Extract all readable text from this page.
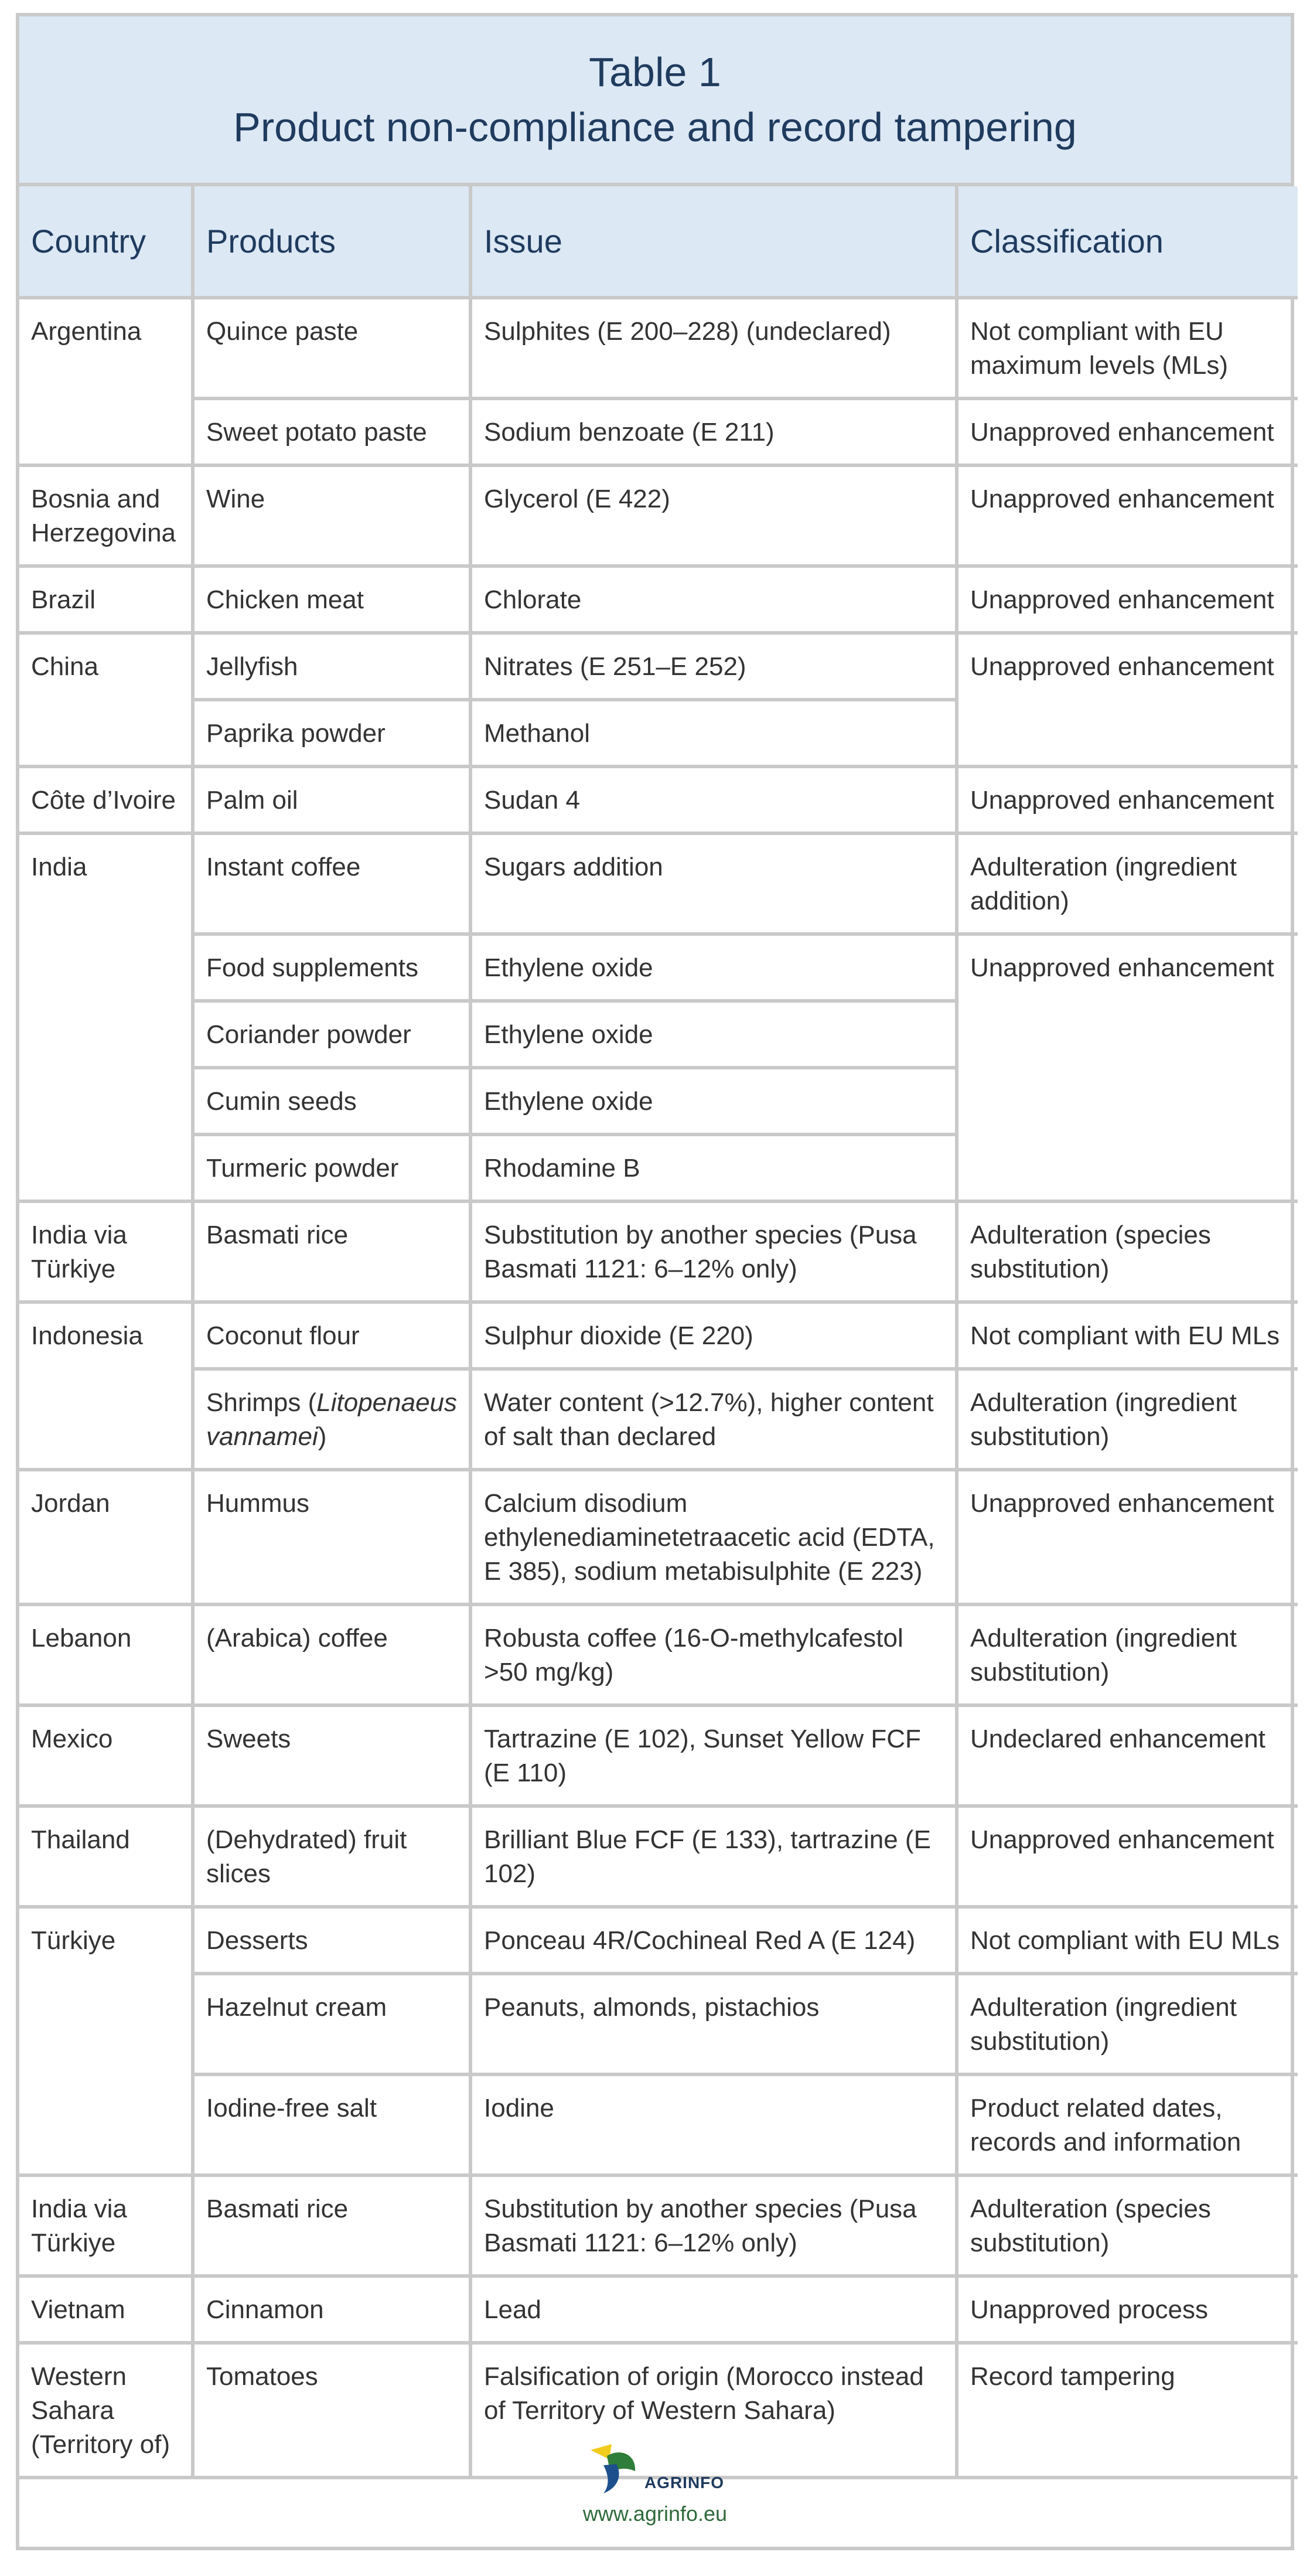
Table 1
Product non-compliance and record tampering
Country	Products	Issue	Classification
Argentina	Quince paste	Sulphites (E 200–228) (undeclared)	Not compliant with EU maximum levels (MLs)
	Sweet potato paste	Sodium benzoate (E 211)	Unapproved enhancement
Bosnia and Herzegovina	Wine	Glycerol (E 422)	Unapproved enhancement
Brazil	Chicken meat	Chlorate	Unapproved enhancement
China	Jellyfish	Nitrates (E 251–E 252)	Unapproved enhancement
	Paprika powder	Methanol	
Côte d’Ivoire	Palm oil	Sudan 4	Unapproved enhancement
India	Instant coffee	Sugars addition	Adulteration (ingredient addition)
	Food supplements	Ethylene oxide	Unapproved enhancement
	Coriander powder	Ethylene oxide	
	Cumin seeds	Ethylene oxide	
	Turmeric powder	Rhodamine B	
India via Türkiye	Basmati rice	Substitution by another species (Pusa Basmati 1121: 6–12% only)	Adulteration (species substitution)
Indonesia	Coconut flour	Sulphur dioxide (E 220)	Not compliant with EU MLs
	Shrimps (Litopenaeus vannamei)	Water content (>12.7%), higher content of salt than declared	Adulteration (ingredient substitution)
Jordan	Hummus	Calcium disodium ethylenediaminetetraacetic acid (EDTA, E 385), sodium metabisulphite (E 223)	Unapproved enhancement
Lebanon	(Arabica) coffee	Robusta coffee (16-O-methylcafestol >50 mg/kg)	Adulteration (ingredient substitution)
Mexico	Sweets	Tartrazine (E 102), Sunset Yellow FCF (E 110)	Undeclared enhancement
Thailand	(Dehydrated) fruit slices	Brilliant Blue FCF (E 133), tartrazine (E 102)	Unapproved enhancement
Türkiye	Desserts	Ponceau 4R/Cochineal Red A (E 124)	Not compliant with EU MLs
	Hazelnut cream	Peanuts, almonds, pistachios	Adulteration (ingredient substitution)
	Iodine-free salt	Iodine	Product related dates, records and information
India via Türkiye	Basmati rice	Substitution by another species (Pusa Basmati 1121: 6–12% only)	Adulteration (species substitution)
Vietnam	Cinnamon	Lead	Unapproved process
Western Sahara (Territory of)	Tomatoes	Falsification of origin (Morocco instead of Territory of Western Sahara)	Record tampering
AGRINFO
www.agrinfo.eu
